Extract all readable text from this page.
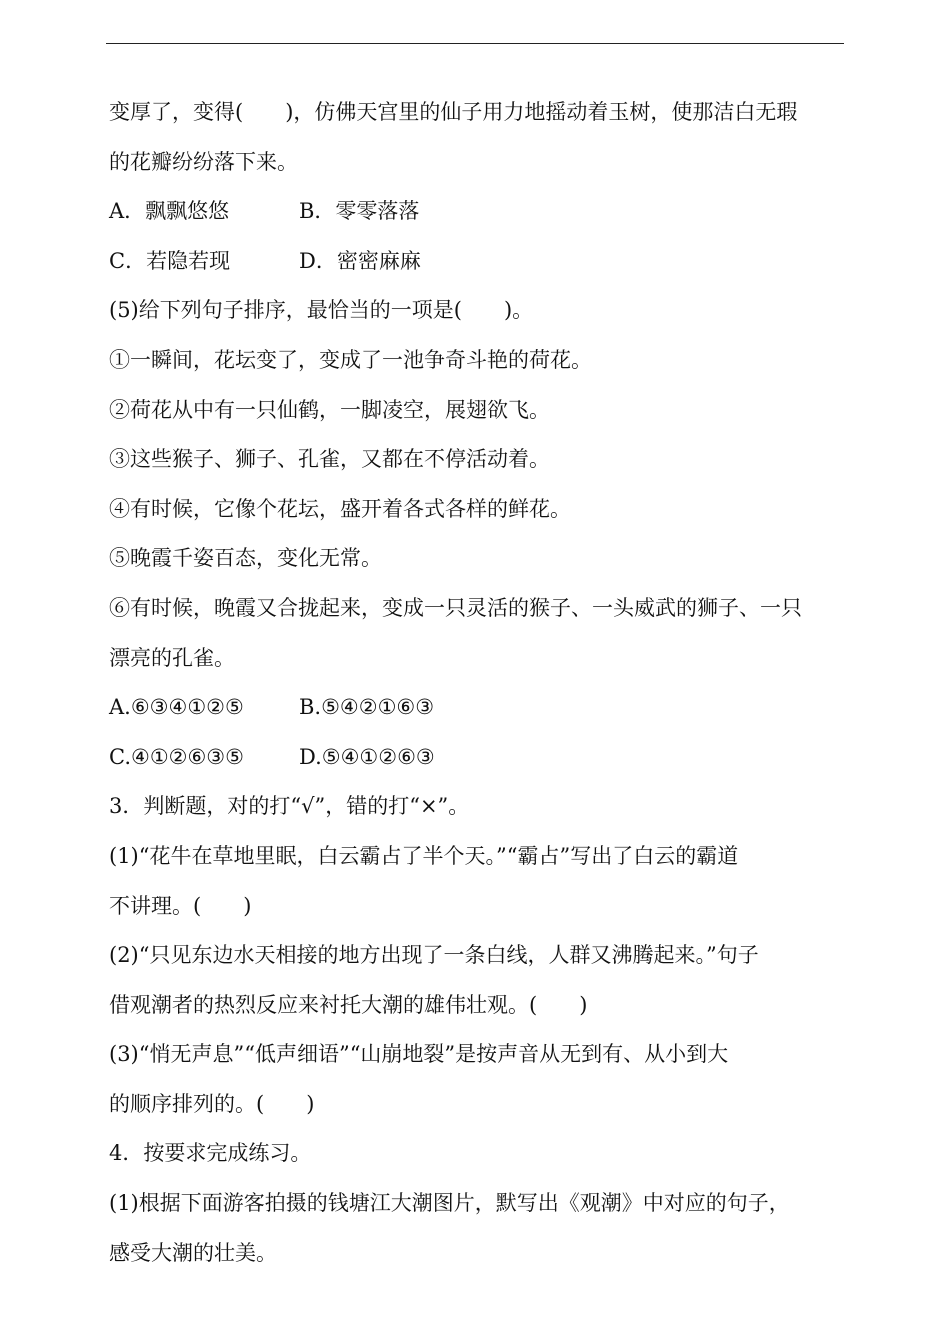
变厚了，变得(　　)，仿佛天宫里的仙子用力地摇动着玉树，使那洁白无瑕
的花瓣纷纷落下来。
A．飘飘悠悠	B．零零落落
C．若隐若现	D．密密麻麻
(5)给下列句子排序，最恰当的一项是(　　)。
①一瞬间，花坛变了，变成了一池争奇斗艳的荷花。
②荷花从中有一只仙鹤，一脚凌空，展翅欲飞。
③这些猴子、狮子、孔雀，又都在不停活动着。
④有时候，它像个花坛，盛开着各式各样的鲜花。
⑤晚霞千姿百态，变化无常。
⑥有时候，晚霞又合拢起来，变成一只灵活的猴子、一头威武的狮子、一只
漂亮的孔雀。
A.⑥③④①②⑤	B.⑤④②①⑥③
C.④①②⑥③⑤	D.⑤④①②⑥③
3．判断题，对的打“√”，错的打“×”。
(1)“花牛在草地里眠，白云霸占了半个天。”“霸占”写出了白云的霸道
不讲理。(　　)
(2)“只见东边水天相接的地方出现了一条白线，人群又沸腾起来。”句子
借观潮者的热烈反应来衬托大潮的雄伟壮观。(　　)
(3)“悄无声息”“低声细语”“山崩地裂”是按声音从无到有、从小到大
的顺序排列的。(　　)
4．按要求完成练习。
(1)根据下面游客拍摄的钱塘江大潮图片，默写出《观潮》中对应的句子，
感受大潮的壮美。
